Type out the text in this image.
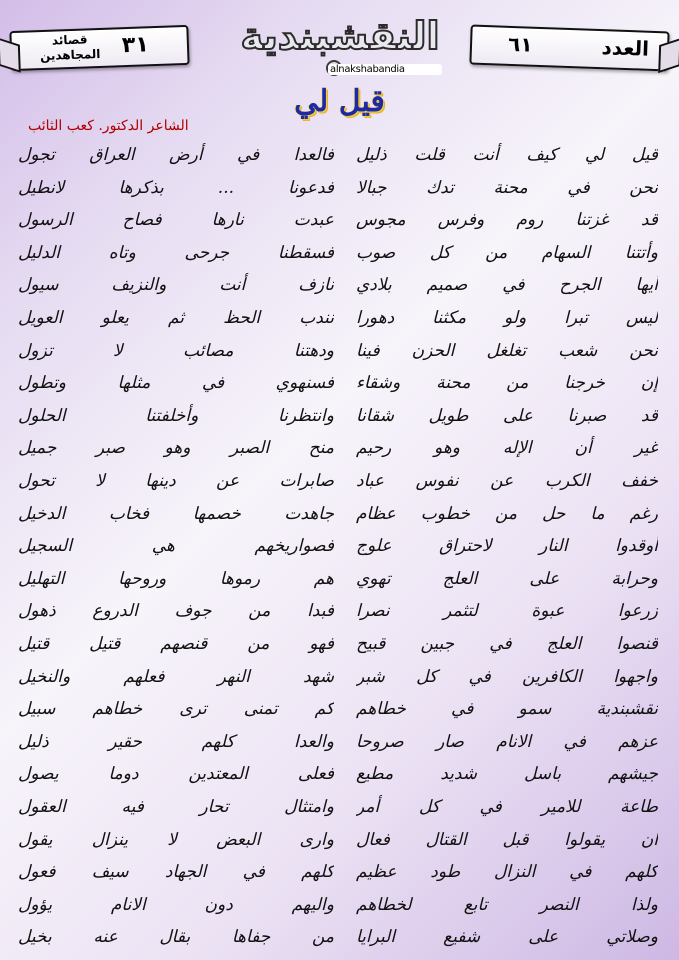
قصائد المجاهدين ٣١ النقشبندية
alnakshabandia
٦١	العدد
قيل لي
الشاعر الدكتور. كعب الثائب
قيل لي كيف أنت قلت ذليل
فالعدا في أرض العراق تجول
نحن في محنة تدك جبالا
فدعونا ... بذكرها لانطيل
قد غزتنا روم وفرس مجوس
عبدت نارها فصاح الرسول
وأتتنا السهام من كل صوب
فسقطنا جرحى وتاه الدليل
أيها الجرح في صميم بلادي
نازف أنت والنزيف سيول
ليس تبرا ولو مكثنا دهورا
نندب الحظ ثم يعلو العويل
نحن شعب تغلغل الحزن فينا
ودهتنا مصائب لا تزول
إن خرجنا من محنة وشقاء
فسنهوي في مثلها وتطول
قد صبرنا على طويل شقانا
وانتظرنا وأخلفتنا الحلول
غير أن الإله وهو رحيم
منح الصبر وهو صبر جميل
خفف الكرب عن نفوس عباد
صابرات عن دينها لا تحول
رغم ما حل من خطوب عظام
جاهدت خصمها فخاب الدخيل
أوقدوا النار لاحتراق علوج
فصواريخهم هي السجيل
وحرابة على العلج تهوي
هم رموها وروحها التهليل
زرعوا عبوة لتثمر نصرا
فبدا من جوف الدروع ذهول
قنصوا العلج في جبين قبيح
فهو من قنصهم قتيل قتيل
واجهوا الكافرين في كل شبر
شهد النهر فعلهم والنخيل
نقشبندية سمو في خطاهم
كم تمنى ترى خطاهم سبيل
عزهم في الانام صار صروحا
والعدا كلهم حقير ذليل
جيشهم باسل شديد مطيع
فعلى المعتدين دوما يصول
طاعة للامير في كل أمر
وامتثال تحار فيه العقول
ان يقولوا قبل القتال فعال
وارى البعض لا ينزال يقول
كلهم في النزال طود عظيم
كلهم في الجهاد سيف فعول
ولذا النصر تابع لخطاهم
واليهم دون الانام يؤول
وصلاتي على شفيع البرايا
من جفاها بقال عنه بخيل
